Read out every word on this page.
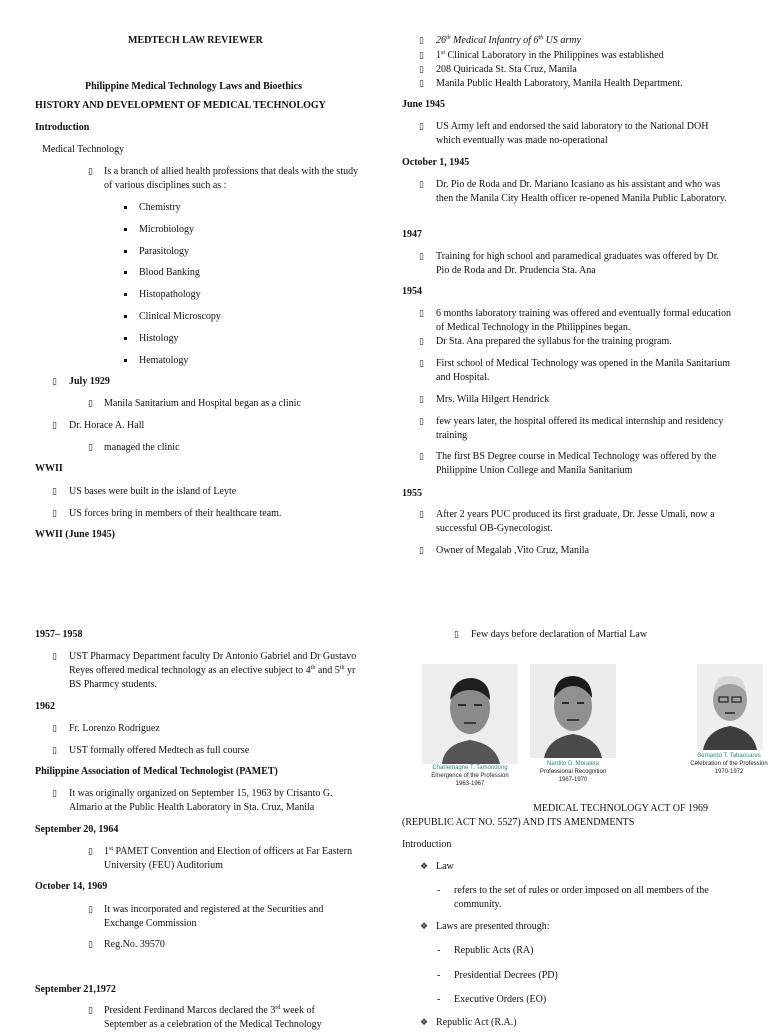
MEDTECH LAW REVIEWER
Philippine Medical Technology Laws and Bioethics
HISTORY AND DEVELOPMENT OF MEDICAL TECHNOLOGY
Introduction
Medical Technology
▯ Is a branch of allied health professions that deals with the study of various disciplines such as :
Chemistry
Microbiology
Parasitology
Blood Banking
Histopathology
Clinical Microscopy
Histology
Hematology
▯ July 1929
▯ Manila Sanitarium and Hospital began as a clinic
▯ Dr. Horace A. Hall
▯ managed the clinic
WWII
▯ US bases were built in the island of Leyte
▯ US forces bring in members of their healthcare team.
WWII (June 1945)
▯ 26th Medical Infantry of 6th US army
▯ 1st Clinical Laboratory in the Philippines was established
▯ 208 Quiricada St. Sta Cruz, Manila
▯ Manila Public Health Laboratory, Manila Health Department.
June 1945
▯ US Army left and endorsed the said laboratory to the National DOH which eventually was made no-operational
October 1, 1945
▯ Dr. Pio de Roda and Dr. Mariano Icasiano as his assistant and who was then the Manila City Health officer re-opened Manila Public Laboratory.
1947
▯ Training for high school and paramedical graduates was offered by Dr. Pio de Roda and Dr. Prudencia Sta. Ana
1954
▯ 6 months laboratory training was offered and eventually formal education of Medical Technology in the Philippines began.
▯ Dr Sta. Ana prepared the syllabus for the training program.
▯ First school of Medical Technology was opened in the Manila Sanitarium and Hospital.
▯ Mrs. Willa Hilgert Hendrick
▯ few years later, the hospital offered its medical internship and residency training
▯ The first BS Degree course in Medical Technology was offered by the Philippine Union College and Manila Sanitarium
1955
▯ After 2 years PUC produced its first graduate, Dr. Jesse Umali, now a successful OB-Gynecologist.
▯ Owner of Megalab ,Vito Cruz, Manila
1957– 1958
▯ UST Pharmacy Department faculty Dr Antonio Gabriel and Dr Gustavo Reyes offered medical technology as an elective subject to 4th and 5th yr BS Pharmcy students.
1962
▯ Fr. Lorenzo Rodriguez
▯ UST formally offered Medtech as full course
Philippine Association of Medical Technologist (PAMET)
▯ It was originally organized on September 15, 1963 by Crisanto G. Almario at the Public Health Laboratory in Sta. Cruz, Manila
September 20, 1964
▯ 1st PAMET Convention and Election of officers at Far Eastern University (FEU) Auditorium
October 14, 1969
▯ It was incorporated and registered at the Securities and Exchange Commission
▯ Reg.No. 39570
September 21,1972
▯ President Ferdinand Marcos declared the 3rd week of
September as a celebration of the Medical Technology
▯ Few days before declaration of Martial Law
Charlemagne T. Tamondong
Emergence of the Profession
1963-1967
Nardito D. Moraleta
Professional Recognition
1967-1970
Bernardo T. Tabaosares
Celebration of the Profession
1970-1972
MEDICAL TECHNOLOGY ACT OF 1969
(REPUBLIC ACT NO. 5527) AND ITS AMENDMENTS
Introduction
❖ Law
- refers to the set of rules or order imposed on all members of the community.
❖ Laws are presented through:
- Republic Acts (RA)
- Presidential Decrees (PD)
- Executive Orders (EO)
❖ Republic Act (R.A.)
